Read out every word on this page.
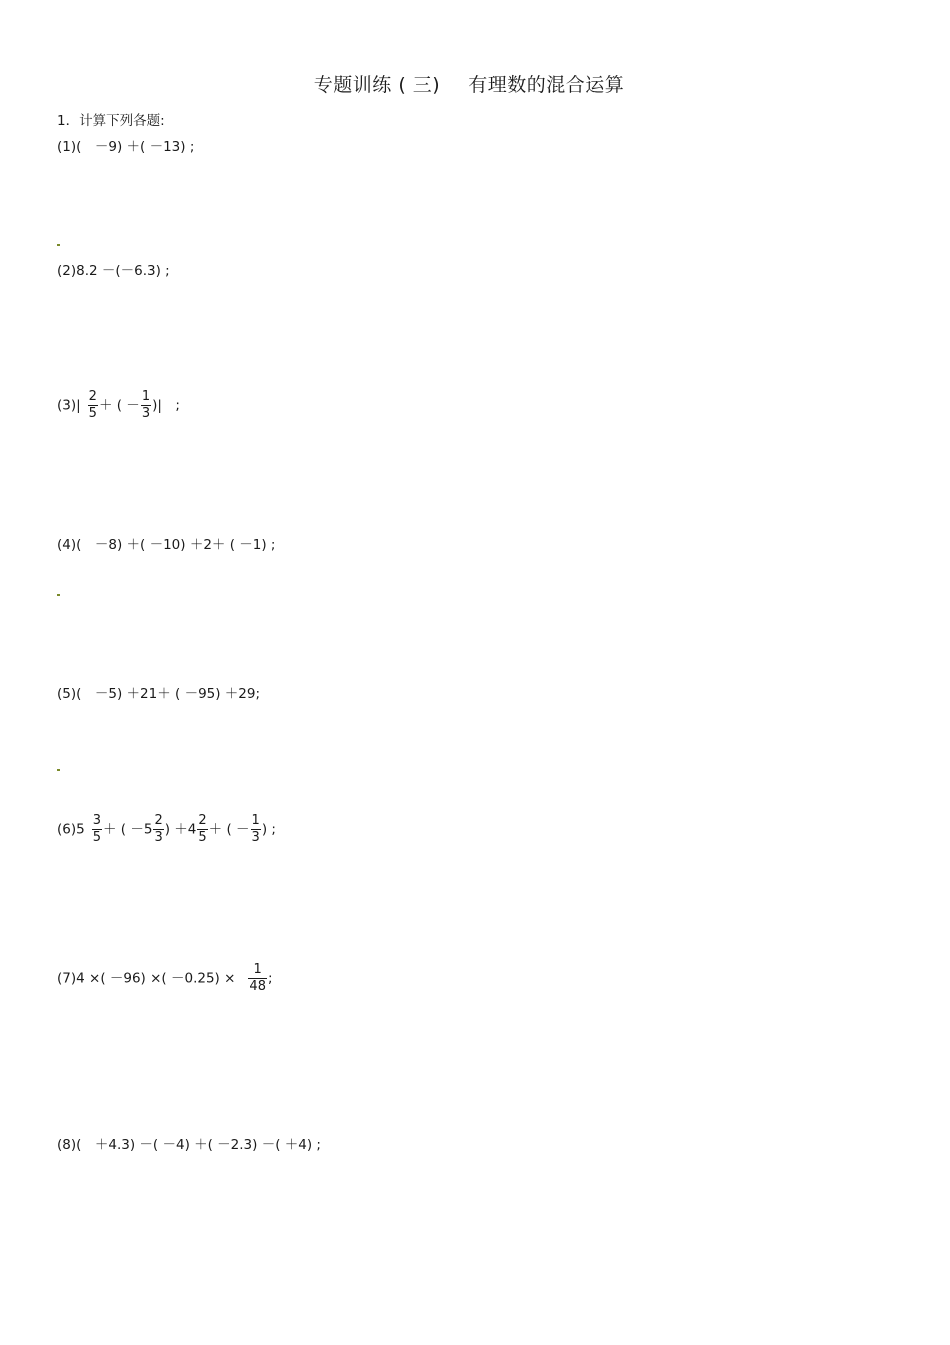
专题训练 ( 三) 有理数的混合运算
1．计算下列各题:
(1)(　－9) ＋( －13) ;
(2)8.2 －(－6.3) ;
$(3)| \frac{2}{5}$ ＋ ( － $\frac{1}{3}$ )|　;
(4)(　－8) ＋( －10) ＋2＋ ( －1) ;
(5)(　－5) ＋21＋ ( －95) ＋29;
$(6)5 \frac{3}{5}$ ＋ ( $-5 \frac{2}{3}$ ) $+4 \frac{2}{5}$ ＋ ( － $\frac{1}{3}$ ) ;
(7)4 ×( －96) ×( $-0.25) \times \frac{1}{48}$ ;
(8)(　＋4.3) －( －4) ＋( －2.3) －( ＋4) ;
